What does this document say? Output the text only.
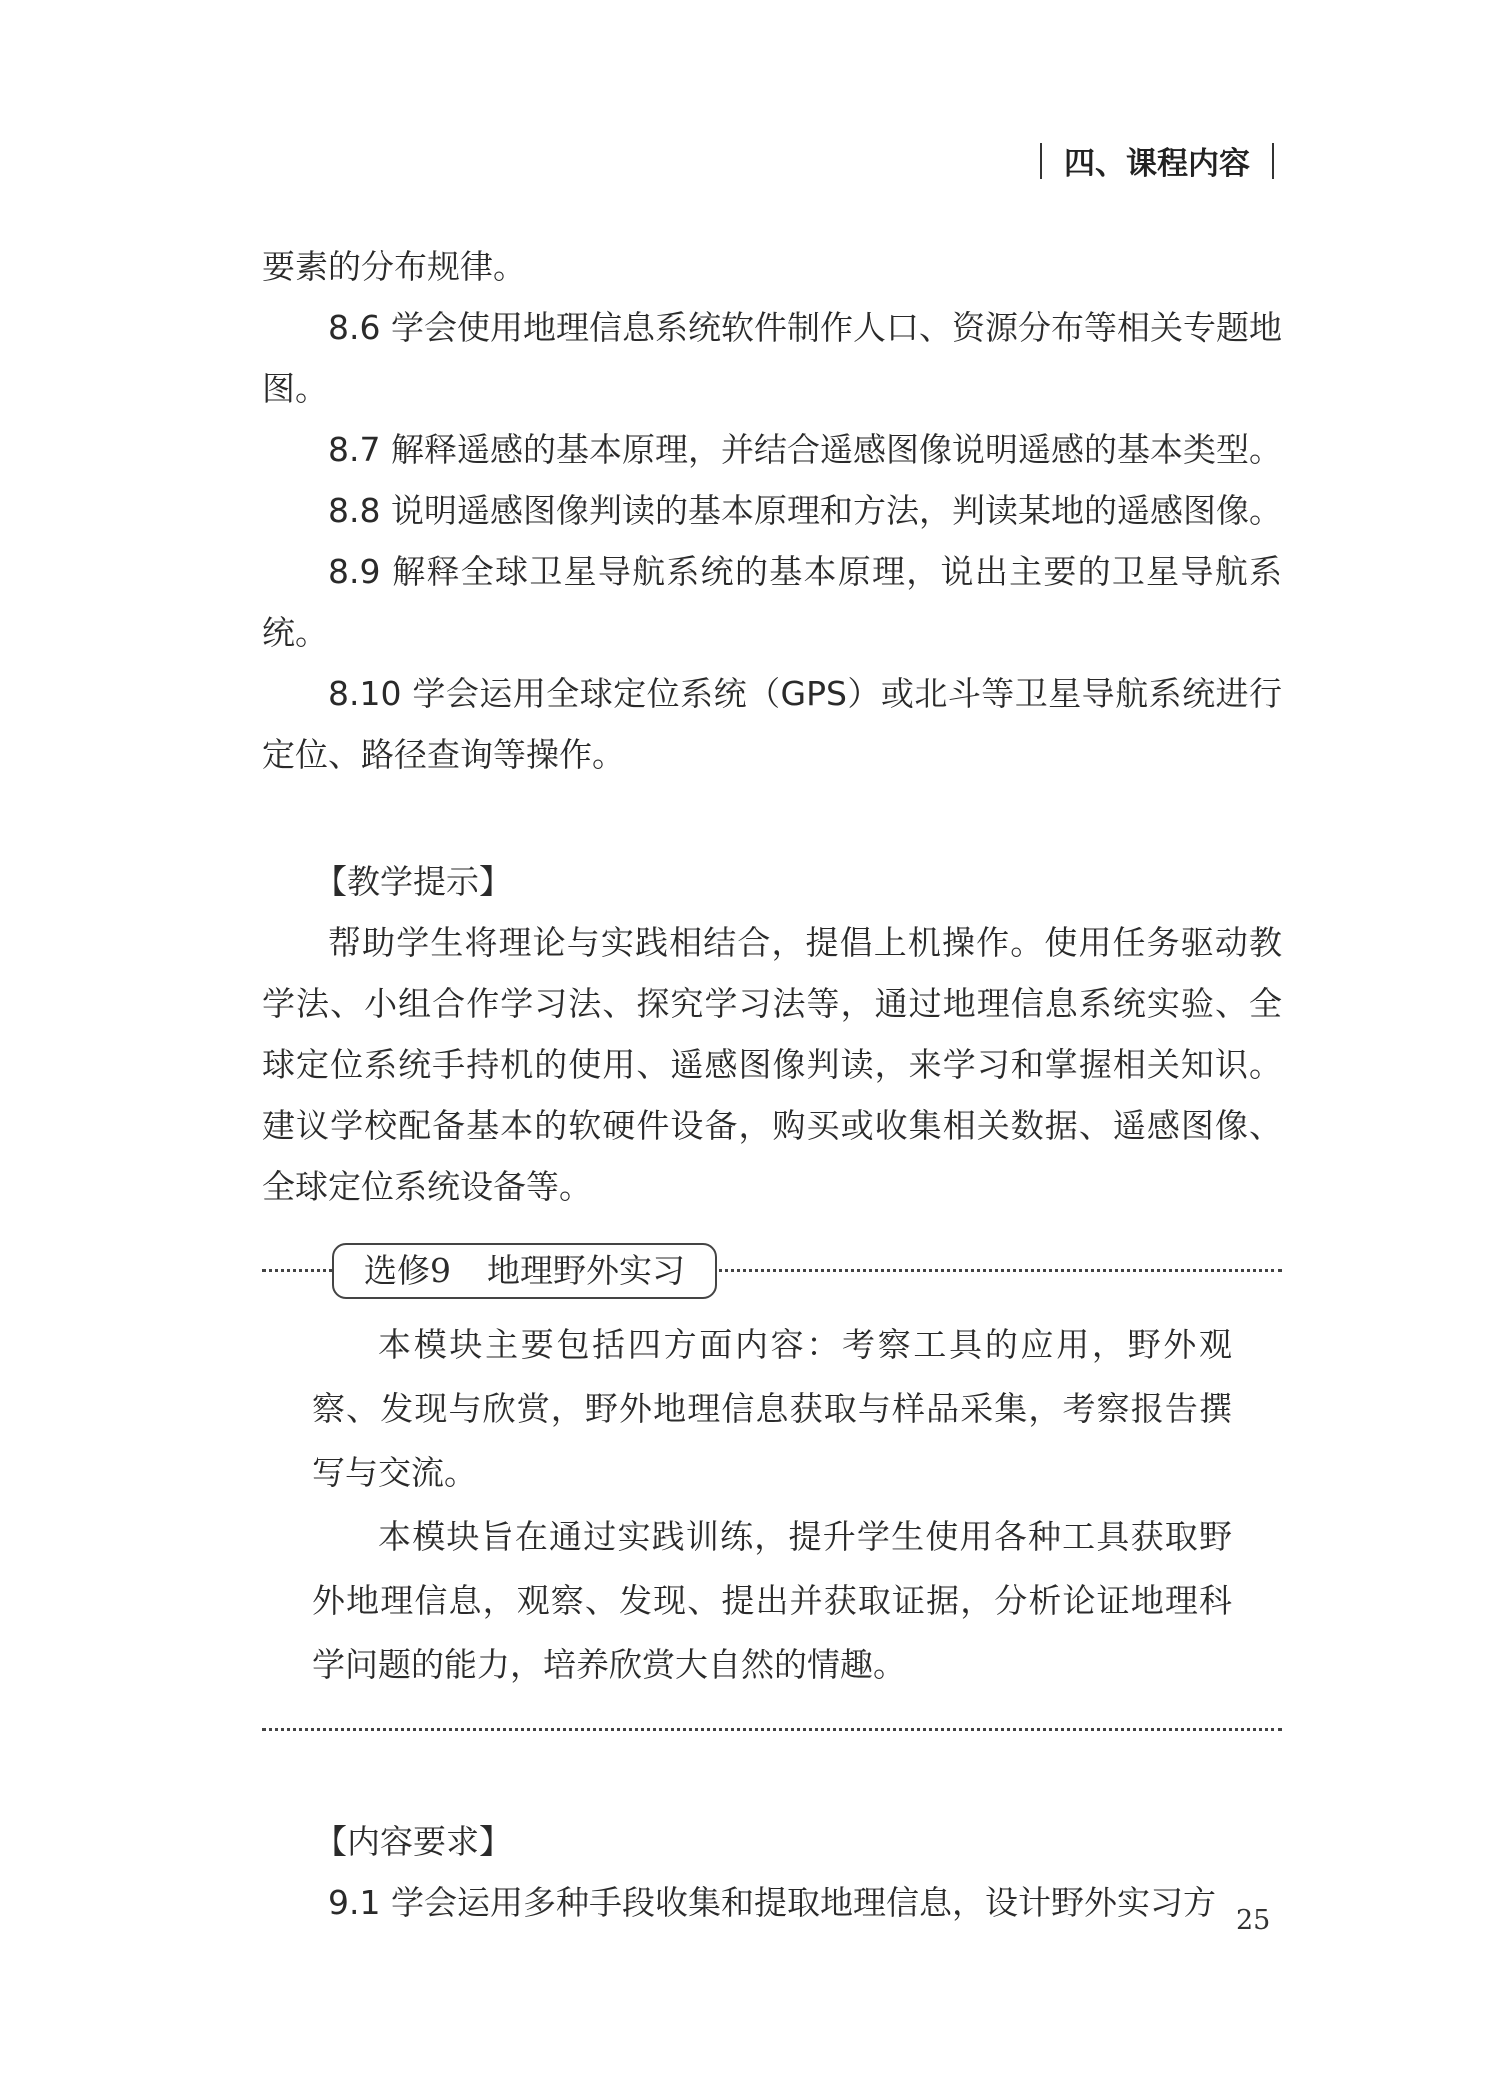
四、课程内容

要素的分布规律。

8.6 学会使用地理信息系统软件制作人口、资源分布等相关专题地图。

8.7 解释遥感的基本原理，并结合遥感图像说明遥感的基本类型。

8.8 说明遥感图像判读的基本原理和方法，判读某地的遥感图像。

8.9 解释全球卫星导航系统的基本原理，说出主要的卫星导航系统。

8.10 学会运用全球定位系统（GPS）或北斗等卫星导航系统进行定位、路径查询等操作。

【教学提示】

帮助学生将理论与实践相结合，提倡上机操作。使用任务驱动教学法、小组合作学习法、探究学习法等，通过地理信息系统实验、全球定位系统手持机的使用、遥感图像判读，来学习和掌握相关知识。建议学校配备基本的软硬件设备，购买或收集相关数据、遥感图像、全球定位系统设备等。

选修9 地理野外实习

本模块主要包括四方面内容：考察工具的应用，野外观察、发现与欣赏，野外地理信息获取与样品采集，考察报告撰写与交流。

本模块旨在通过实践训练，提升学生使用各种工具获取野外地理信息，观察、发现、提出并获取证据，分析论证地理科学问题的能力，培养欣赏大自然的情趣。

【内容要求】

9.1 学会运用多种手段收集和提取地理信息，设计野外实习方 25
